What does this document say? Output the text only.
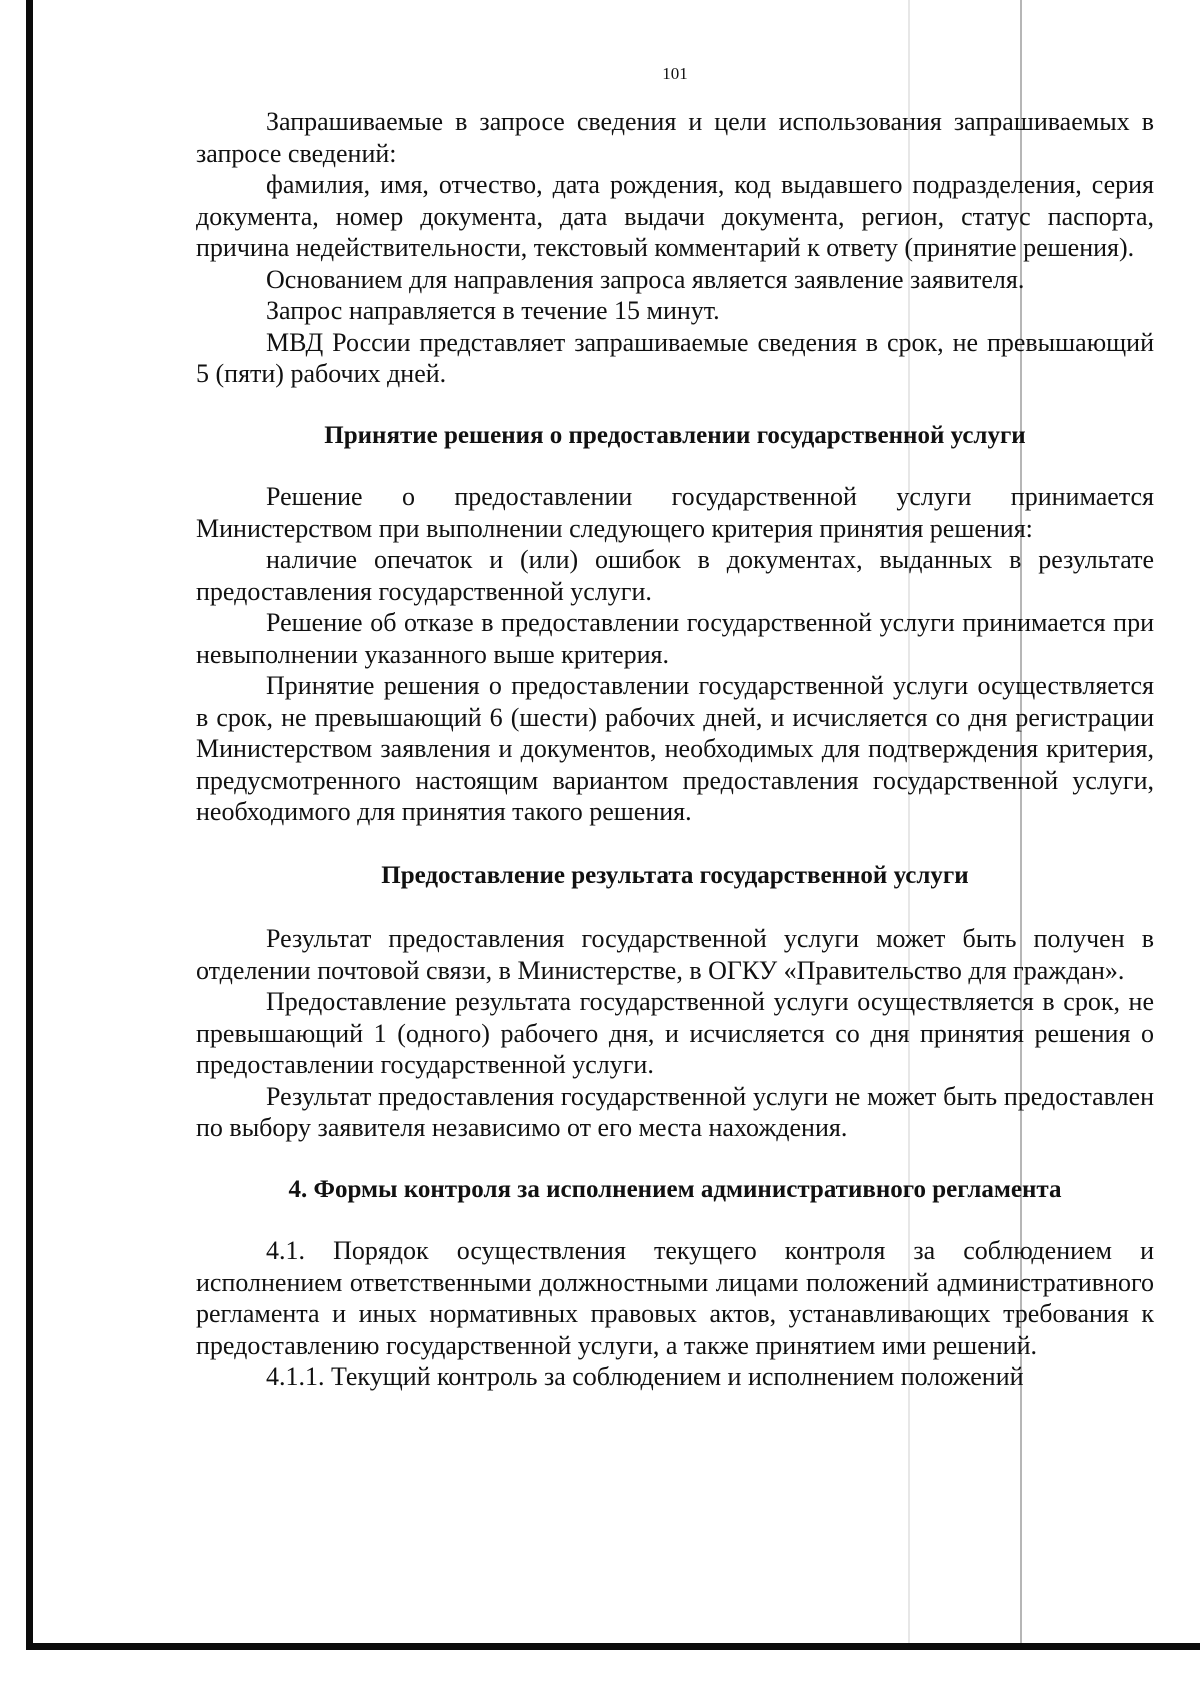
101

Запрашиваемые в запросе сведения и цели использования запрашиваемых в запросе сведений:

фамилия, имя, отчество, дата рождения, код выдавшего подразделения, серия документа, номер документа, дата выдачи документа, регион, статус паспорта, причина недействительности, текстовый комментарий к ответу (принятие решения).

Основанием для направления запроса является заявление заявителя.

Запрос направляется в течение 15 минут.

МВД России представляет запрашиваемые сведения в срок, не превышающий 5 (пяти) рабочих дней.

Принятие решения о предоставлении государственной услуги

Решение о предоставлении государственной услуги принимается Министерством при выполнении следующего критерия принятия решения:

наличие опечаток и (или) ошибок в документах, выданных в результате предоставления государственной услуги.

Решение об отказе в предоставлении государственной услуги принимается при невыполнении указанного выше критерия.

Принятие решения о предоставлении государственной услуги осуществляется в срок, не превышающий 6 (шести) рабочих дней, и исчисляется со дня регистрации Министерством заявления и документов, необходимых для подтверждения критерия, предусмотренного настоящим вариантом предоставления государственной услуги, необходимого для принятия такого решения.

Предоставление результата государственной услуги

Результат предоставления государственной услуги может быть получен в отделении почтовой связи, в Министерстве, в ОГКУ «Правительство для граждан».

Предоставление результата государственной услуги осуществляется в срок, не превышающий 1 (одного) рабочего дня, и исчисляется со дня принятия решения о предоставлении государственной услуги.

Результат предоставления государственной услуги не может быть предоставлен по выбору заявителя независимо от его места нахождения.

4. Формы контроля за исполнением административного регламента

4.1. Порядок осуществления текущего контроля за соблюдением и исполнением ответственными должностными лицами положений административного регламента и иных нормативных правовых актов, устанавливающих требования к предоставлению государственной услуги, а также принятием ими решений.

4.1.1. Текущий контроль за соблюдением и исполнением положений
